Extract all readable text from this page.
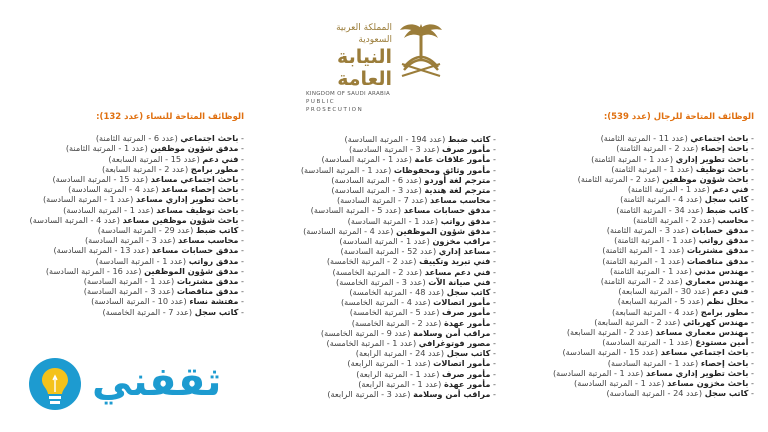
المملكة العربية السعودية
النيابة العامة
KINGDOM OF SAUDI ARABIA
PUBLIC PROSECUTION
الوظائف المتاحة للرجال (عدد 539):
- باحث اجتماعي (عدد 11 - المرتبة الثامنة)
- باحث إحصاء (عدد 2 - المرتبة الثامنة)
- باحث تطوير إداري (عدد 1 - المرتبة الثامنة)
- باحث توظيف (عدد 1 - المرتبة الثامنة)
- باحث شؤون موظفين (عدد 2 - المرتبة الثامنة)
- فني دعم (عدد 1 - المرتبة الثامنة)
- كاتب سجل (عدد 4 - المرتبة الثامنة)
- كاتب ضبط (عدد 34 - المرتبة الثامنة)
- محاسب (عدد 2 - المرتبة الثامنة)
- مدقق حسابات (عدد 3 - المرتبة الثامنة)
- مدقق رواتب (عدد 1 - المرتبة الثامنة)
- مدقق مشتريات (عدد 1 - المرتبة الثامنة)
- مدقق مناقصات (عدد 1 - المرتبة الثامنة)
- مهندس مدني (عدد 1 - المرتبة الثامنة)
- مهندس معماري (عدد 2 - المرتبة الثامنة)
- فني دعم (عدد 30 - المرتبة السابعة)
- محلل نظم (عدد 5 - المرتبة السابعة)
- مطور برامج (عدد 4 - المرتبة السابعة)
- مهندس كهربائي (عدد 2 - المرتبة السابعة)
- مهندس معماري مساعد (عدد 2 - المرتبة السابعة)
- أمين مستودع (عدد 1 - المرتبة السادسة)
- باحث اجتماعي مساعد (عدد 15 - المرتبة السادسة)
- باحث إحصاء (عدد 1 - المرتبة السادسة)
- باحث تطوير إداري مساعد (عدد 1 - المرتبة السادسة)
- باحث مخزون مساعد (عدد 1 - المرتبة السادسة)
- كاتب سجل (عدد 24 - المرتبة السادسة)
- كاتب ضبط (عدد 194 - المرتبة السادسة)
- مأمور صرف (عدد 3 - المرتبة السادسة)
- مأمور علاقات عامة (عدد 1 - المرتبة السادسة)
- مأمور وثائق ومحفوظات (عدد 1 - المرتبة السادسة)
- مترجم لغة أوردو (عدد 6 - المرتبة السادسة)
- مترجم لغة هندية (عدد 3 - المرتبة السادسة)
- محاسب مساعد (عدد 7 - المرتبة السادسة)
- مدقق حسابات مساعد (عدد 5 - المرتبة السادسة)
- مدقق رواتب (عدد 1 - المرتبة السادسة)
- مدقق شؤون الموظفين (عدد 4 - المرتبة السادسة)
- مراقب مخزون (عدد 1 - المرتبة السادسة)
- مساعد إداري (عدد 52 - المرتبة السادسة)
- فني تبريد وتكييف (عدد 2 - المرتبة الخامسة)
- فني دعم مساعد (عدد 2 - المرتبة الخامسة)
- فني صيانة الآت (عدد 3 - المرتبة الخامسة)
- كاتب سجل (عدد 48 - المرتبة الخامسة)
- مأمور اتصالات (عدد 4 - المرتبة الخامسة)
- مأمور صرف (عدد 5 - المرتبة الخامسة)
- مأمور عهدة (عدد 2 - المرتبة الخامسة)
- مراقب أمن وسلامة (عدد 9 - المرتبة الخامسة)
- مصور فوتوغرافي (عدد 1 - المرتبة الخامسة)
- كاتب سجل (عدد 24 - المرتبة الرابعة)
- مأمور اتصالات (عدد 1 - المرتبة الرابعة)
- مأمور صرف (عدد 1 - المرتبة الرابعة)
- مأمور عهدة (عدد 1 - المرتبة الرابعة)
- مراقب أمن وسلامة (عدد 3 - المرتبة الرابعة)
الوظائف المتاحة للنساء (عدد 132):
- باحث اجتماعي (عدد 6 - المرتبة الثامنة)
- مدقق شؤون موظفين (عدد 1 - المرتبة الثامنة)
- فني دعم (عدد 15 - المرتبة السابعة)
- مطور برامج (عدد 2 - المرتبة السابعة)
- باحث اجتماعي مساعد (عدد 15 - المرتبة السادسة)
- باحث إحصاء مساعد (عدد 4 - المرتبة السادسة)
- باحث تطوير إداري مساعد (عدد 1 - المرتبة السادسة)
- باحث توظيف مساعد (عدد 1 - المرتبة السادسة)
- باحث شؤون موظفين مساعد (عدد 4 - المرتبة السادسة)
- كاتب ضبط (عدد 29 - المرتبة السادسة)
- محاسب مساعد (عدد 3 - المرتبة السادسة)
- مدقق حسابات مساعد (عدد 13 - المرتبة السادسة)
- مدقق رواتب (عدد 1 - المرتبة السادسة)
- مدقق شؤون الموظفين (عدد 16 - المرتبة السادسة)
- مدقق مشتريات (عدد 1 - المرتبة السادسة)
- مدقق مناقصات (عدد 3 - المرتبة السادسة)
- مفتشة نساء (عدد 10 - المرتبة السادسة)
- كاتب سجل (عدد 7 - المرتبة الخامسة)
ثقفني
